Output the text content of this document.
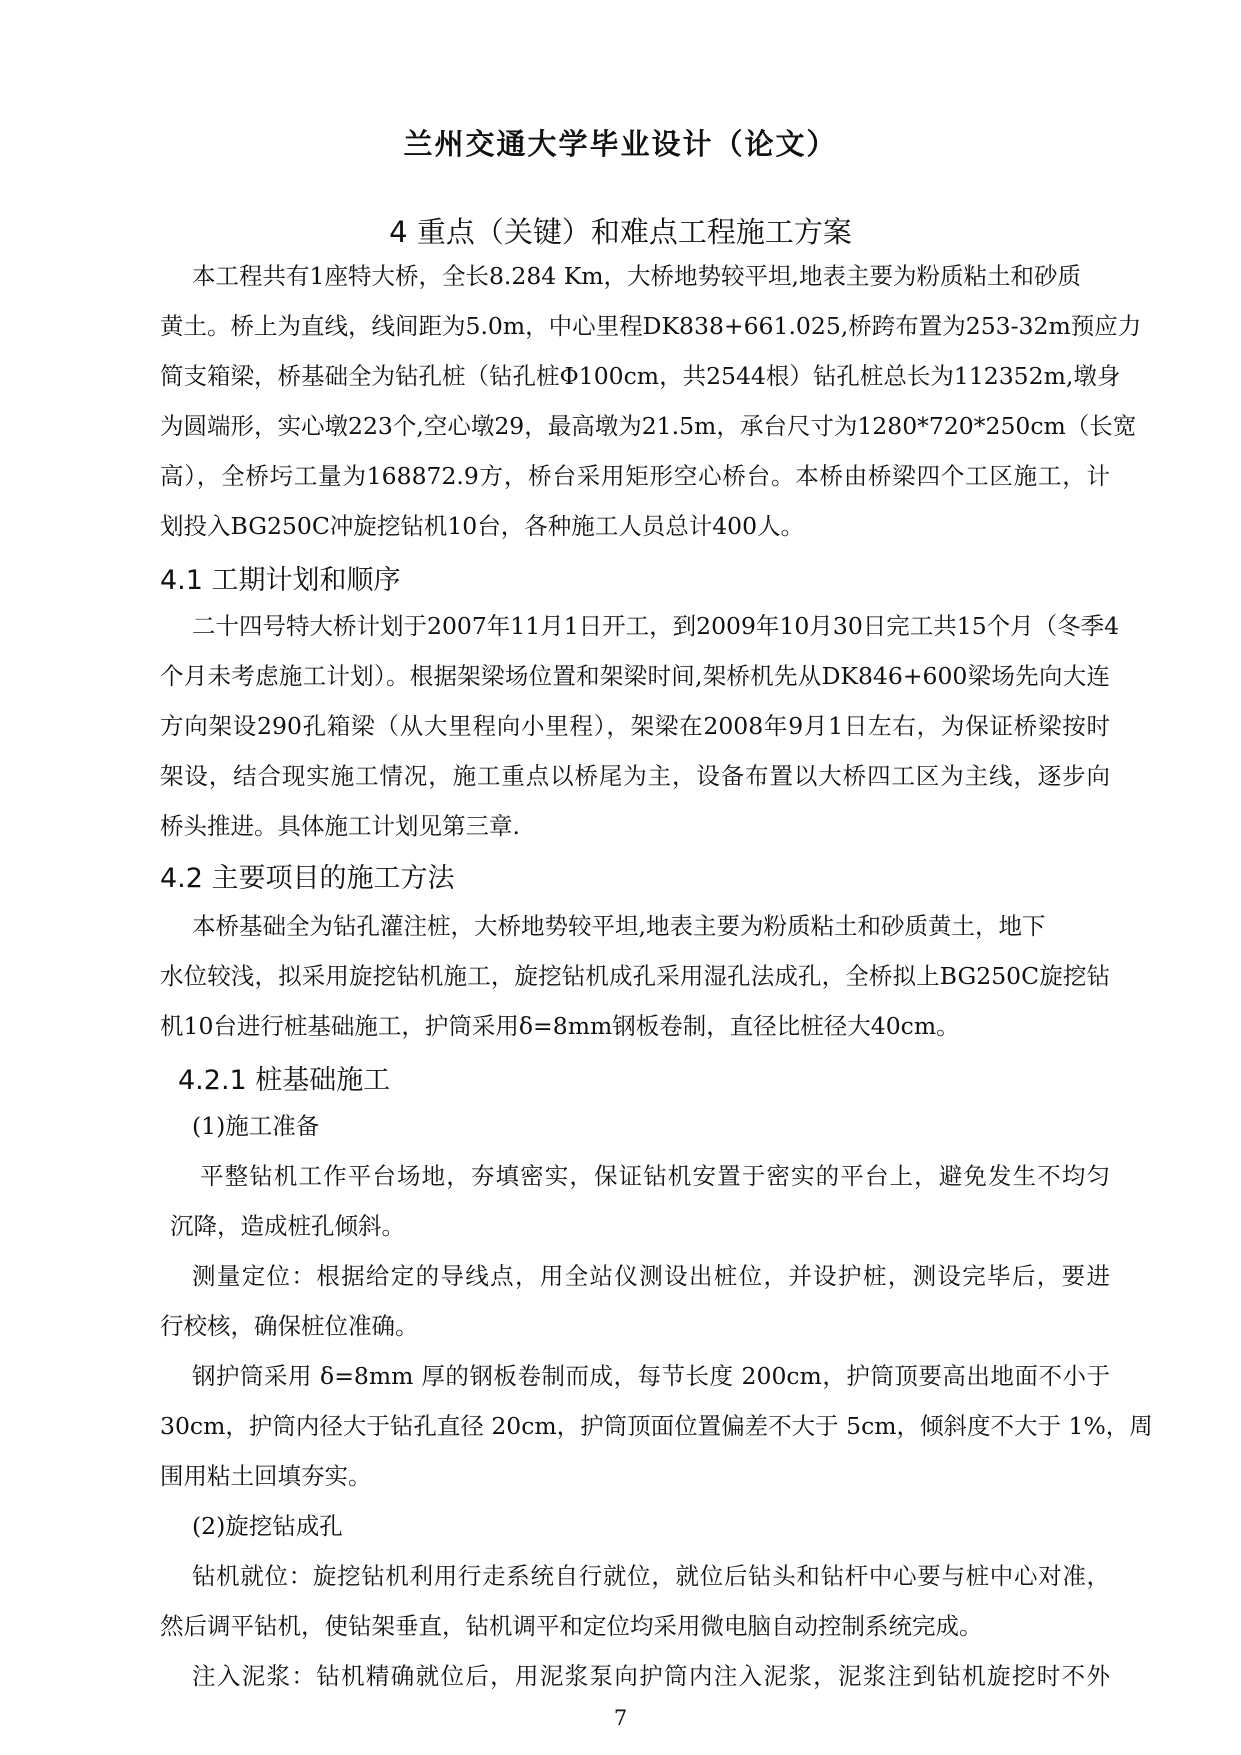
兰州交通大学毕业设计（论文）
4 重点（关键）和难点工程施工方案
本工程共有1座特大桥，全长8.284 Km，大桥地势较平坦,地表主要为粉质粘土和砂质
黄土。桥上为直线，线间距为5.0m，中心里程DK838+661.025,桥跨布置为253-32m预应力
简支箱梁，桥基础全为钻孔桩（钻孔桩Φ100cm，共2544根）钻孔桩总长为112352m,墩身
为圆端形，实心墩223个,空心墩29，最高墩为21.5m，承台尺寸为1280*720*250cm（长宽
高），全桥圬工量为168872.9方，桥台采用矩形空心桥台。本桥由桥梁四个工区施工，计
划投入BG250C冲旋挖钻机10台，各种施工人员总计400人。
4.1 工期计划和顺序
二十四号特大桥计划于2007年11月1日开工，到2009年10月30日完工共15个月（冬季4
个月未考虑施工计划）。根据架梁场位置和架梁时间,架桥机先从DK846+600梁场先向大连
方向架设290孔箱梁（从大里程向小里程），架梁在2008年9月1日左右，为保证桥梁按时
架设，结合现实施工情况，施工重点以桥尾为主，设备布置以大桥四工区为主线，逐步向
桥头推进。具体施工计划见第三章.
4.2 主要项目的施工方法
本桥基础全为钻孔灌注桩，大桥地势较平坦,地表主要为粉质粘土和砂质黄土，地下
水位较浅，拟采用旋挖钻机施工，旋挖钻机成孔采用湿孔法成孔，全桥拟上BG250C旋挖钻
机10台进行桩基础施工，护筒采用δ=8mm钢板卷制，直径比桩径大40cm。
4.2.1 桩基础施工
(1)施工准备
平整钻机工作平台场地，夯填密实，保证钻机安置于密实的平台上，避免发生不均匀
沉降，造成桩孔倾斜。
测量定位：根据给定的导线点，用全站仪测设出桩位，并设护桩，测设完毕后，要进
行校核，确保桩位准确。
钢护筒采用 δ=8mm 厚的钢板卷制而成，每节长度 200cm，护筒顶要高出地面不小于
30cm，护筒内径大于钻孔直径 20cm，护筒顶面位置偏差不大于 5cm，倾斜度不大于 1%，周
围用粘土回填夯实。
(2)旋挖钻成孔
钻机就位：旋挖钻机利用行走系统自行就位，就位后钻头和钻杆中心要与桩中心对准，
然后调平钻机，使钻架垂直，钻机调平和定位均采用微电脑自动控制系统完成。
注入泥浆：钻机精确就位后，用泥浆泵向护筒内注入泥浆，泥浆注到钻机旋挖时不外
7
